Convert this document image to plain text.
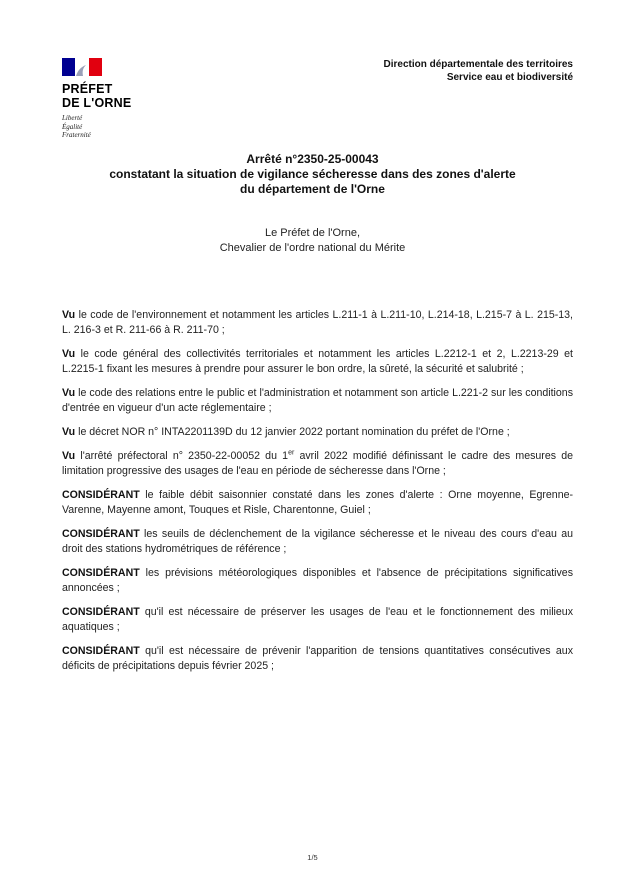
PRÉFET
DE L'ORNE
Liberté
Égalité
Fraternité
Direction départementale des territoires
Service eau et biodiversité
Arrêté n°2350-25-00043
constatant la situation de vigilance sécheresse dans des zones d'alerte
du département de l'Orne
Le Préfet de l'Orne,
Chevalier de l'ordre national du Mérite

Vu le code de l'environnement et notamment les articles L.211-1 à L.211-10, L.214-18, L.215-7 à L. 215-13, L. 216-3 et R. 211-66 à R. 211-70 ;

Vu le code général des collectivités territoriales et notamment les articles L.2212-1 et 2, L.2213-29 et L.2215-1 fixant les mesures à prendre pour assurer le bon ordre, la sûreté, la sécurité et salubrité ;

Vu le code des relations entre le public et l'administration et notamment son article L.221-2 sur les conditions d'entrée en vigueur d'un acte réglementaire ;

Vu le décret NOR n° INTA2201139D du 12 janvier 2022 portant nomination du préfet de l'Orne ;

Vu l'arrêté préfectoral n° 2350-22-00052 du 1er avril 2022 modifié définissant le cadre des mesures de limitation progressive des usages de l'eau en période de sécheresse dans l'Orne ;

CONSIDÉRANT le faible débit saisonnier constaté dans les zones d'alerte : Orne moyenne, Egrenne-Varenne, Mayenne amont, Touques et Risle, Charentonne, Guiel ;

CONSIDÉRANT les seuils de déclenchement de la vigilance sécheresse et le niveau des cours d'eau au droit des stations hydrométriques de référence ;

CONSIDÉRANT les prévisions météorologiques disponibles et l'absence de précipitations significatives annoncées ;

CONSIDÉRANT qu'il est nécessaire de préserver les usages de l'eau et le fonctionnement des milieux aquatiques ;

CONSIDÉRANT qu'il est nécessaire de prévenir l'apparition de tensions quantitatives consécutives aux déficits de précipitations depuis février 2025 ;

1/5
